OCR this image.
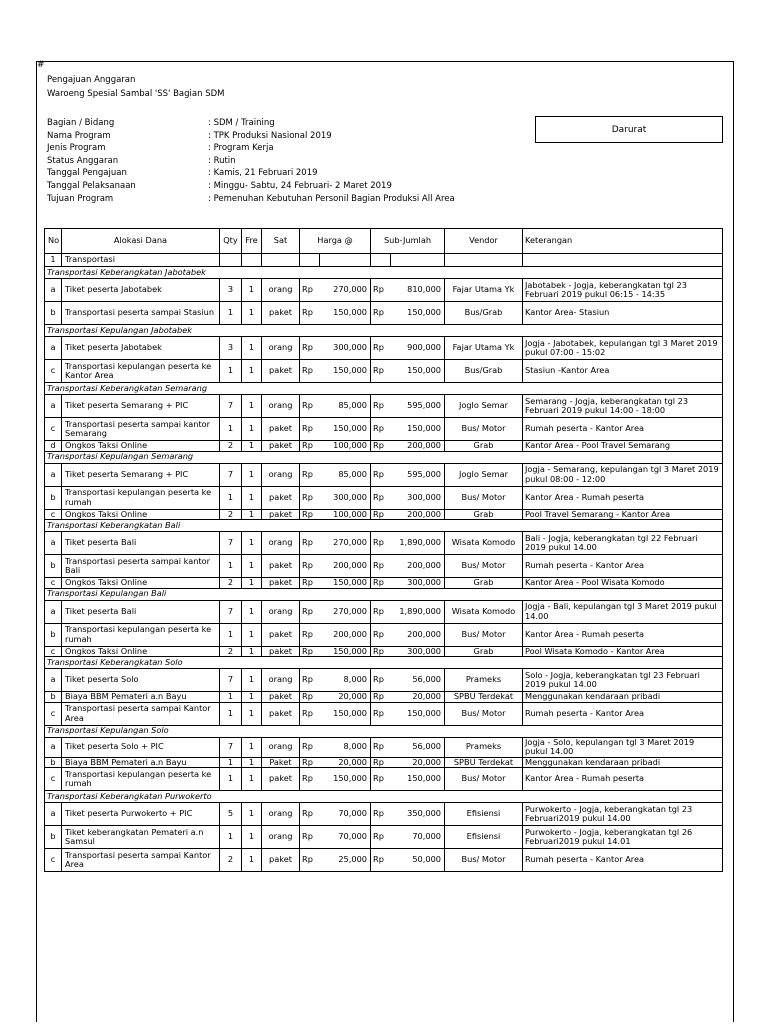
#
Pengajuan Anggaran
Waroeng Spesial Sambal 'SS' Bagian SDM
Bagian / Bidang	: SDM / Training
Nama Program	: TPK Produksi Nasional 2019
Jenis Program	: Program Kerja
Status Anggaran	: Rutin
Tanggal Pengajuan	: Kamis, 21 Februari 2019
Tanggal Pelaksanaan	: Minggu- Sabtu, 24 Februari- 2 Maret 2019
Tujuan Program	: Pemenuhan Kebutuhan Personil Bagian Produksi All Area
Darurat
No	Alokasi Dana	Qty	Fre	Sat	Harga @		Sub-Jumlah		Vendor	Keterangan
1	Transportasi									
Transportasi Keberangkatan Jabotabek										
a	Tiket peserta Jabotabek	3	1	orang	Rp	270,000	Rp	810,000	Fajar Utama Yk	Jabotabek - Jogja, keberangkatan tgl 23 Februari 2019 pukul 06:15 - 14:35
b	Transportasi peserta sampai Stasiun	1	1	paket	Rp	150,000	Rp	150,000	Bus/Grab	Kantor Area- Stasiun
Transportasi Kepulangan Jabotabek										
a	Tiket peserta Jabotabek	3	1	orang	Rp	300,000	Rp	900,000	Fajar Utama Yk	Jogja - Jabotabek, kepulangan tgl 3 Maret 2019 pukul 07:00 - 15:02
c	Transportasi kepulangan peserta ke Kantor Area	1	1	paket	Rp	150,000	Rp	150,000	Bus/Grab	Stasiun -Kantor Area
Transportasi Keberangkatan Semarang										
a	Tiket peserta Semarang + PIC	7	1	orang	Rp	85,000	Rp	595,000	Joglo Semar	Semarang - Jogja, keberangkatan tgl 23 Februari 2019 pukul 14:00 - 18:00
c	Transportasi peserta sampai kantor Semarang	1	1	paket	Rp	150,000	Rp	150,000	Bus/ Motor	Rumah peserta - Kantor Area
d	Ongkos Taksi Online	2	1	paket	Rp	100,000	Rp	200,000	Grab	Kantor Area - Pool Travel Semarang
Transportasi Kepulangan Semarang										
a	Tiket peserta Semarang + PIC	7	1	orang	Rp	85,000	Rp	595,000	Joglo Semar	Jogja - Semarang, kepulangan tgl 3 Maret 2019 pukul 08:00 - 12:00
b	Transportasi kepulangan peserta ke rumah	1	1	paket	Rp	300,000	Rp	300,000	Bus/ Motor	Kantor Area - Rumah peserta
c	Ongkos Taksi Online	2	1	paket	Rp	100,000	Rp	200,000	Grab	Pool Travel Semarang - Kantor Area
Transportasi Keberangkatan Bali										
a	Tiket peserta Bali	7	1	orang	Rp	270,000	Rp	1,890,000	Wisata Komodo	Bali - Jogja, keberangkatan tgl 22 Februari 2019 pukul 14.00
b	Transportasi peserta sampai kantor Bali	1	1	paket	Rp	200,000	Rp	200,000	Bus/ Motor	Rumah peserta - Kantor Area
c	Ongkos Taksi Online	2	1	paket	Rp	150,000	Rp	300,000	Grab	Kantor Area - Pool Wisata Komodo
Transportasi Kepulangan Bali										
a	Tiket peserta Bali	7	1	orang	Rp	270,000	Rp	1,890,000	Wisata Komodo	Jogja - Bali, kepulangan tgl 3 Maret 2019 pukul 14.00
b	Transportasi kepulangan peserta ke rumah	1	1	paket	Rp	200,000	Rp	200,000	Bus/ Motor	Kantor Area - Rumah peserta
c	Ongkos Taksi Online	2	1	paket	Rp	150,000	Rp	300,000	Grab	Pool Wisata Komodo - Kantor Area
Transportasi Keberangkatan Solo										
a	Tiket peserta Solo	7	1	orang	Rp	8,000	Rp	56,000	Prameks	Solo - Jogja, keberangkatan tgl 23 Februari 2019 pukul 14.00
b	Biaya BBM Pemateri a.n Bayu	1	1	paket	Rp	20,000	Rp	20,000	SPBU Terdekat	Menggunakan kendaraan pribadi
c	Transportasi peserta sampai Kantor Area	1	1	paket	Rp	150,000	Rp	150,000	Bus/ Motor	Rumah peserta - Kantor Area
Transportasi Kepulangan Solo										
a	Tiket peserta Solo + PIC	7	1	orang	Rp	8,000	Rp	56,000	Prameks	Jogja - Solo, kepulangan tgl 3 Maret 2019 pukul 14.00
b	Biaya BBM Pemateri a.n Bayu	1	1	Paket	Rp	20,000	Rp	20,000	SPBU Terdekat	Menggunakan kendaraan pribadi
c	Transportasi kepulangan peserta ke rumah	1	1	paket	Rp	150,000	Rp	150,000	Bus/ Motor	Kantor Area - Rumah peserta
Transportasi Keberangkatan Purwokerto										
a	Tiket peserta Purwokerto + PIC	5	1	orang	Rp	70,000	Rp	350,000	Efisiensi	Purwokerto - Jogja, keberangkatan tgl 23 Februari2019 pukul 14.00
b	Tiket keberangkatan Pemateri a.n Samsul	1	1	orang	Rp	70,000	Rp	70,000	Efisiensi	Purwokerto - Jogja, keberangkatan tgl 26 Februari2019 pukul 14.01
c	Transportasi peserta sampai Kantor Area	2	1	paket	Rp	25,000	Rp	50,000	Bus/ Motor	Rumah peserta - Kantor Area
